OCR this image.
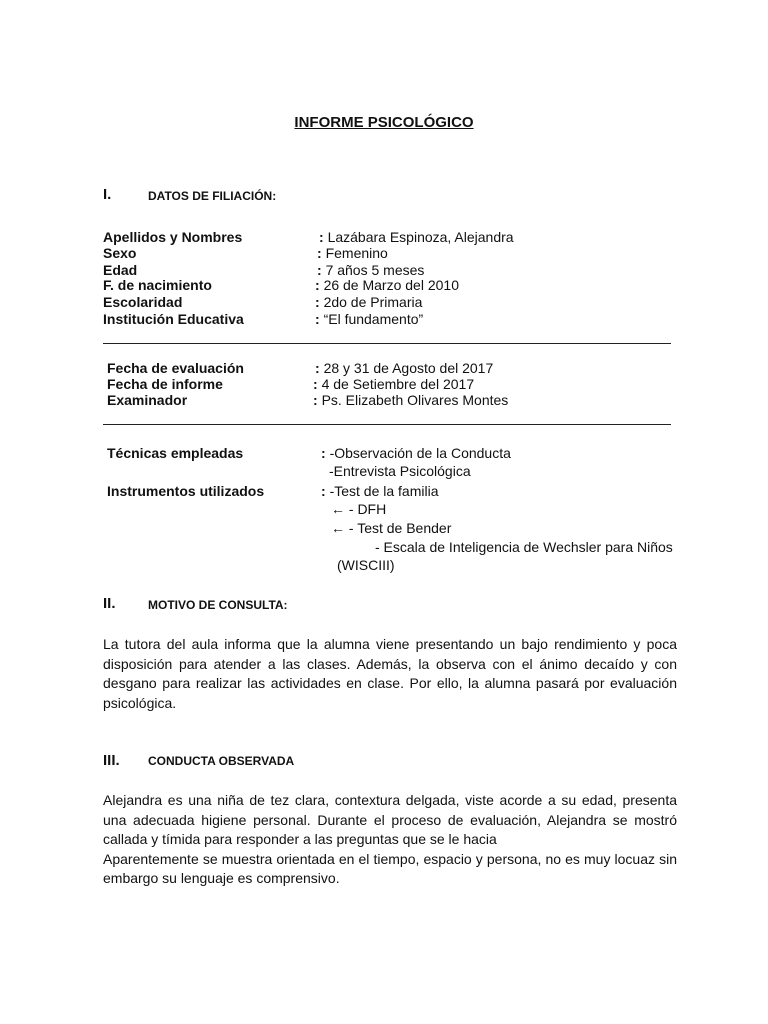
INFORME PSICOLÓGICO
I.	DATOS DE FILIACIÓN:
Apellidos y Nombres	: Lazábara Espinoza, Alejandra
Sexo	: Femenino
Edad	: 7 años 5 meses
F. de nacimiento	: 26 de Marzo del 2010
Escolaridad	: 2do de Primaria
Institución Educativa	: “El fundamento”
Fecha de evaluación	: 28 y 31 de Agosto del 2017
Fecha de informe	: 4 de Setiembre del 2017
Examinador	: Ps. Elizabeth Olivares Montes
Técnicas empleadas	: -Observación de la Conducta
-Entrevista Psicológica
Instrumentos utilizados	: -Test de la familia
← - DFH
← - Test de Bender
- Escala de Inteligencia de Wechsler para Niños
(WISCIII)
II.	MOTIVO DE CONSULTA:

La tutora del aula informa que la alumna viene presentando un bajo rendimiento y poca disposición para atender a las clases. Además, la observa con el ánimo decaído y con desgano para realizar las actividades en clase. Por ello, la alumna pasará por evaluación psicológica.

III. CONDUCTA OBSERVADA

Alejandra es una niña de tez clara, contextura delgada, viste acorde a su edad, presenta una adecuada higiene personal. Durante el proceso de evaluación, Alejandra se mostró callada y tímida para responder a las preguntas que se le hacia

Aparentemente se muestra orientada en el tiempo, espacio y persona, no es muy locuaz sin embargo su lenguaje es comprensivo.
